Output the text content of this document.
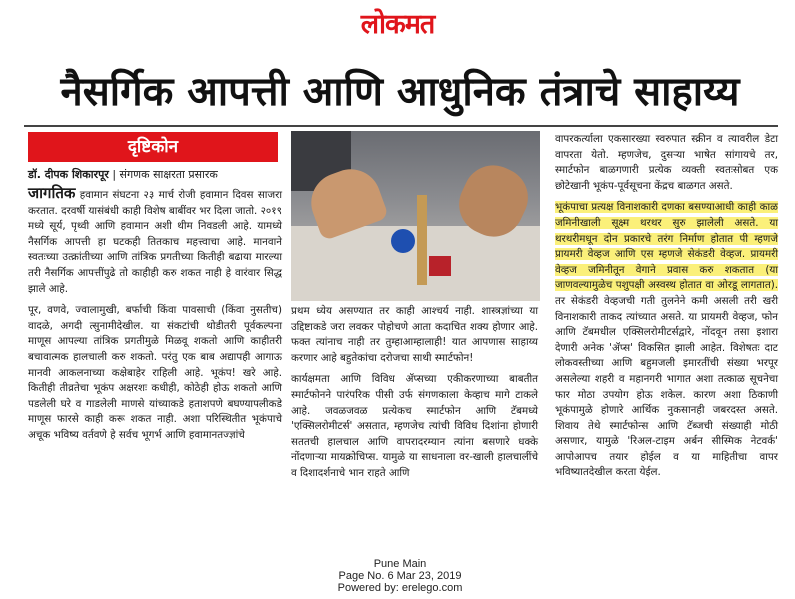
लोकमत
नैसर्गिक आपत्ती आणि आधुनिक तंत्राचे साहाय्य
दृष्टिकोन
डॉ. दीपक शिकारपूर | संगणक साक्षरता प्रसारक

जागतिक हवामान संघटना २३ मार्च रोजी हवामान दिवस साजरा करतात. दरवर्षी यासंबंधी काही विशेष बाबींवर भर दिला जातो. २०१९ मध्ये सूर्य, पृथ्वी आणि हवामान अशी थीम निवडली आहे. यामध्ये नैसर्गिक आपत्ती हा घटकही तितकाच महत्त्वाचा आहे. मानवाने स्वतःच्या उत्क्रांतीच्या आणि तांत्रिक प्रगतीच्या कितीही बढाया मारल्या तरी नैसर्गिक आपत्तींपुढे तो काहीही करु शकत नाही हे वारंवार सिद्ध झाले आहे.

पूर, वणवे, ज्वालामुखी, बर्फाची किंवा पावसाची (किंवा नुसतीच) वादळे, अगदी त्सुनामीदेखील. या संकटांची थोडीतरी पूर्वकल्पना माणूस आपल्या तांत्रिक प्रगतीमुळे मिळवू शकतो आणि काहीतरी बचावात्मक हालचाली करु शकतो. परंतु एक बाब अद्यापही आगाऊ मानवी आकलनाच्या कक्षेबाहेर राहिली आहे. भूकंप! खरे आहे. कितीही तीव्रतेचा भूकंप अक्षरशः कधीही, कोठेही होऊ शकतो आणि पडलेली घरे व गाडलेली माणसे यांच्याकडे हताशपणे बघण्यापलीकडे माणूस फारसे काही करू शकत नाही. अशा परिस्थितीत भूकंपाचे अचूक भविष्य वर्तवणे हे सर्वच भूगर्भ आणि हवामानतज्ज्ञांचे

प्रथम ध्येय असण्यात तर काही आश्चर्य नाही. शास्त्रज्ञांच्या या उद्दिष्टाकडे जरा लवकर पोहोचणे आता कदाचित शक्य होणार आहे. फक्त त्यांनाच नाही तर तुम्हाआम्हालाही! यात आपणास साहाय्य करणार आहे बहुतेकांचा दरोजचा साथी स्मार्टफोन!

कार्यक्षमता आणि विविध ॲप्सच्या एकीकरणाच्या बाबतीत स्मार्टफोनने पारंपरिक पीसी उर्फ संगणकाला केव्हाच मागे टाकले आहे. जवळजवळ प्रत्येकच स्मार्टफोन आणि टॅबमध्ये 'एक्सिलरोमीटर्स' असतात, म्हणजेच त्यांची विविध दिशांना होणारी सततची हालचाल आणि वापरादरम्यान त्यांना बसणारे धक्के नोंदणाऱ्या मायक्रोचिप्स. यामुळे या साधनाला वर-खाली हालचालींचे व दिशादर्शनाचे भान राहते आणि

वापरकर्त्याला एकसारख्या स्वरुपात स्क्रीन व त्यावरील डेटा वापरता येतो. म्हणजेच, दुसऱ्या भाषेत सांगायचे तर, स्मार्टफोन बाळगणारी प्रत्येक व्यक्ती स्वतःसोबत एक छोटेखानी भूकंप-पूर्वसूचना केंद्रच बाळगत असते.

भूकंपाचा प्रत्यक्ष विनाशकारी दणका बसण्याआधी काही काळ जमिनीखाली सूक्ष्म थरथर सुरु झालेली असते. या थरथरीमधून दोन प्रकारचे तरंग निर्माण होतात पी म्हणजे प्रायमरी वेव्हज आणि एस म्हणजे सेकंडरी वेव्हज. प्रायमरी वेव्हज जमिनीतून वेगाने प्रवास करु शकतात (या जाणवल्यामुळेच पशुपक्षी अस्वस्थ होतात वा ओरडू लागतात). तर सेकंडरी वेव्हजची गती तुलनेने कमी असली तरी खरी विनाशकारी ताकद त्यांच्यात असते. या प्रायमरी वेव्हज, फोन आणि टॅबमधील एक्सिलरोमीटर्सद्वारे, नोंदवून तसा इशारा देणारी अनेक 'ॲप्स' विकसित झाली आहेत. विशेषतः दाट लोकवस्तीच्या आणि बहुमजली इमारतींची संख्या भरपूर असलेल्या शहरी व महानगरी भागात अशा तत्काळ सूचनेचा फार मोठा उपयोग होऊ शकेल. कारण अशा ठिकाणी भूकंपामुळे होणारे आर्थिक नुकसानही जबरदस्त असते. शिवाय तेथे स्मार्टफोन्स आणि टॅब्जची संख्याही मोठी असणार, यामुळे 'रिअल-टाइम अर्बन सीस्मिक नेटवर्क' आपोआपच तयार होईल व या माहितीचा वापर भविष्यातदेखील करता येईल.

Pune Main
Page No. 6 Mar 23, 2019
Powered by: erelego.com
